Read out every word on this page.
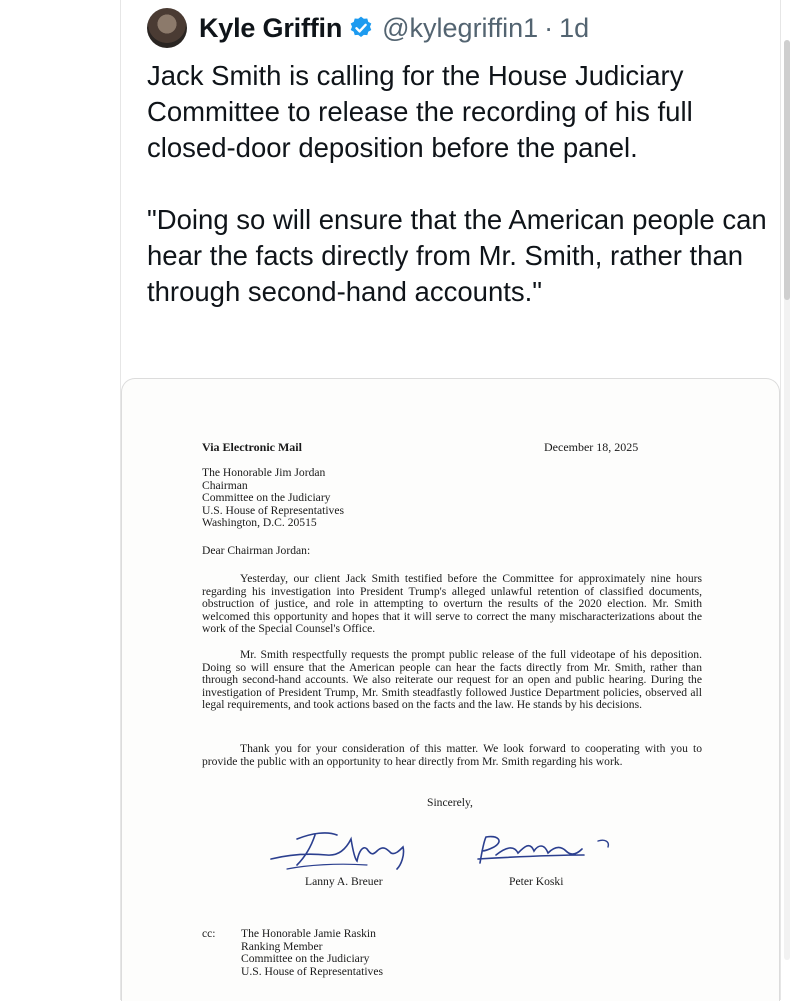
Kyle Griffin @kylegriffin1 · 1d

Jack Smith is calling for the House Judiciary Committee to release the recording of his full closed-door deposition before the panel.

"Doing so will ensure that the American people can hear the facts directly from Mr. Smith, rather than through second-hand accounts."

Via Electronic Mail	December 18, 2025
The Honorable Jim Jordan
Chairman
Committee on the Judiciary
U.S. House of Representatives
Washington, D.C. 20515
Dear Chairman Jordan:
Yesterday, our client Jack Smith testified before the Committee for approximately nine hours regarding his investigation into President Trump's alleged unlawful retention of classified documents, obstruction of justice, and role in attempting to overturn the results of the 2020 election. Mr. Smith welcomed this opportunity and hopes that it will serve to correct the many mischaracterizations about the work of the Special Counsel's Office.
Mr. Smith respectfully requests the prompt public release of the full videotape of his deposition. Doing so will ensure that the American people can hear the facts directly from Mr. Smith, rather than through second-hand accounts. We also reiterate our request for an open and public hearing. During the investigation of President Trump, Mr. Smith steadfastly followed Justice Department policies, observed all legal requirements, and took actions based on the facts and the law. He stands by his decisions.
Thank you for your consideration of this matter. We look forward to cooperating with you to provide the public with an opportunity to hear directly from Mr. Smith regarding his work.
Sincerely,
Lanny A. Breuer	Peter Koski
cc: The Honorable Jamie Raskin
Ranking Member
Committee on the Judiciary
U.S. House of Representatives
